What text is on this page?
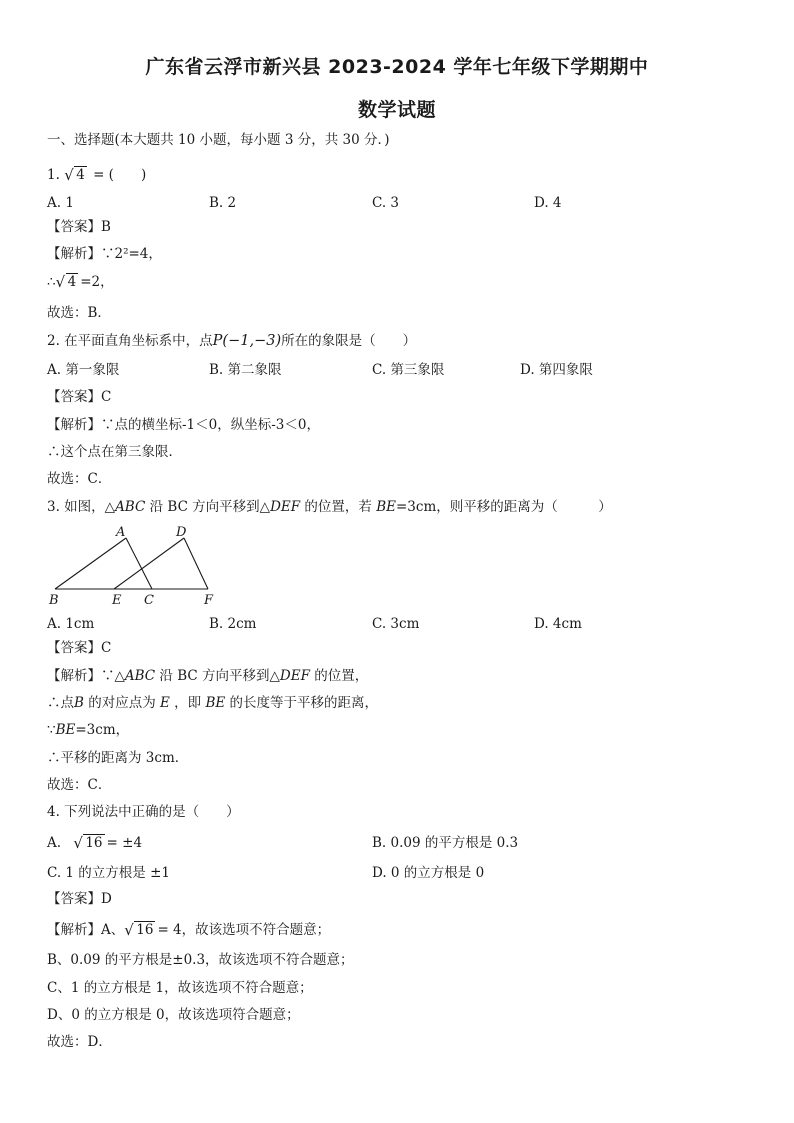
广东省云浮市新兴县 2023-2024 学年七年级下学期期中
数学试题
一、选择题(本大题共 10 小题，每小题 3 分，共 30 分．)
1. √ 4 = (　　)
A. 1	B. 2	C. 3	D. 4
【答案】B
【解析】∵2²=4，
∴ √ 4 =2，
故选：B．
2. 在平面直角坐标系中，点P(−1,−3)所在的象限是（　　）
A. 第一象限	B. 第二象限	C. 第三象限	D. 第四象限
【答案】C
【解析】∵点的横坐标-1＜0，纵坐标-3＜0，
∴这个点在第三象限．
故选：C．
3. 如图，△ABC 沿 BC 方向平移到△DEF 的位置，若 BE=3cm，则平移的距离为（　　　）
A	D
B	E C	F
A. 1cm	B. 2cm	C. 3cm	D. 4cm
【答案】C
【解析】∵△ABC 沿 BC 方向平移到△DEF 的位置，
∴点B 的对应点为 E ，即 BE 的长度等于平移的距离，
∵BE=3cm，
∴平移的距离为 3cm．
故选：C．
4. 下列说法中正确的是（　　）
A. √ 16 = ±4	B. 0.09 的平方根是 0.3
C. 1 的立方根是 ±1	D. 0 的立方根是 0
【答案】D
【解析】A、 √ 16 = 4，故该选项不符合题意；
B、0.09 的平方根是±0.3，故该选项不符合题意；
C、1 的立方根是 1，故该选项不符合题意；
D、0 的立方根是 0，故该选项符合题意；
故选：D．
